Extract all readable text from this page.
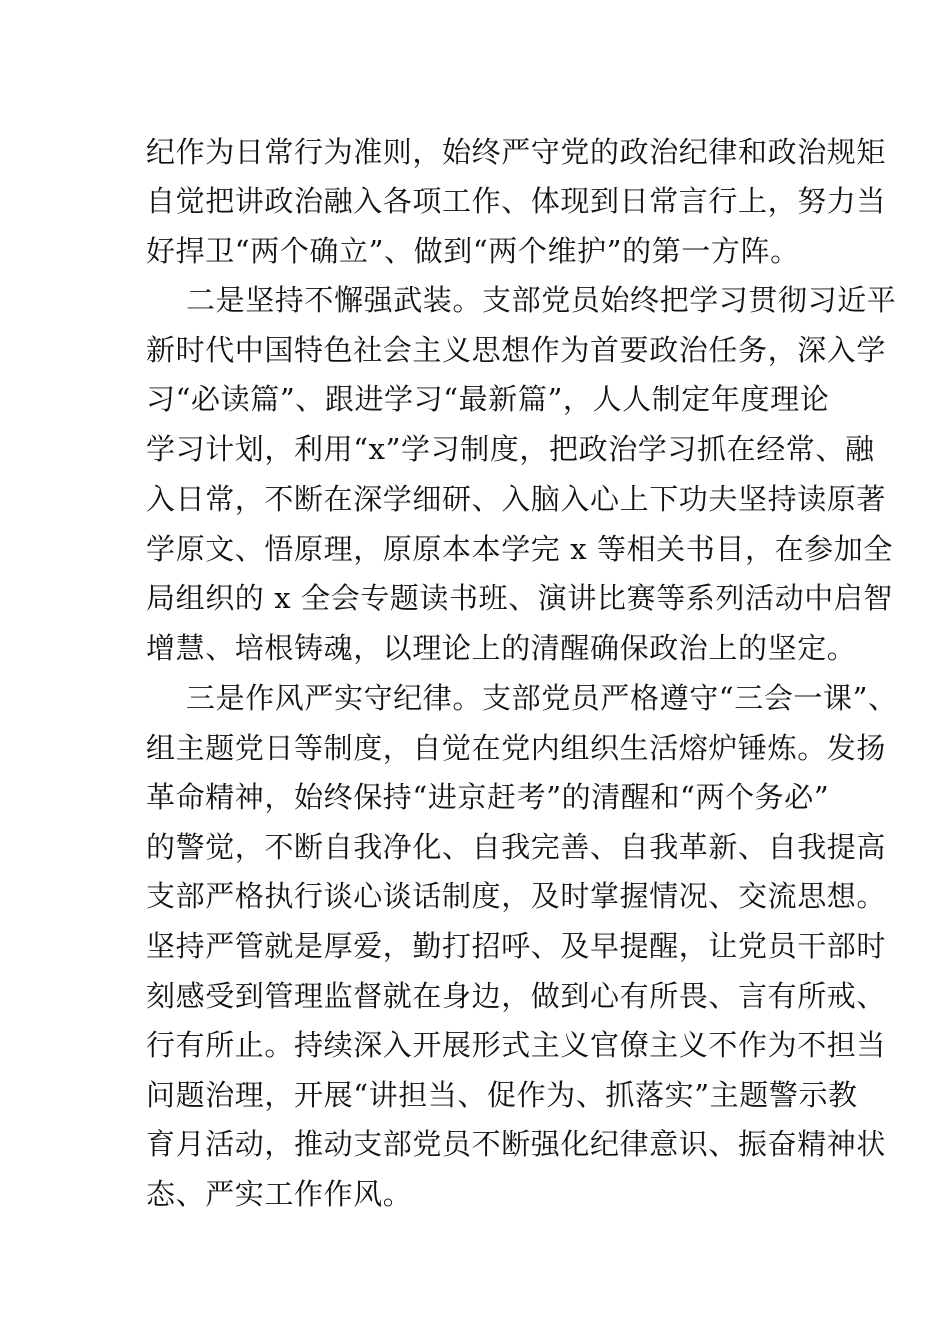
纪作为日常行为准则，始终严守党的政治纪律和政治规矩
自觉把讲政治融入各项工作、体现到日常言行上，努力当
好捍卫“两个确立”、做到“两个维护”的第一方阵。
二是坚持不懈强武装。支部党员始终把学习贯彻习近平
新时代中国特色社会主义思想作为首要政治任务，深入学
习“必读篇”、跟进学习“最新篇”，人人制定年度理论
学习计划，利用“x”学习制度，把政治学习抓在经常、融
入日常，不断在深学细研、入脑入心上下功夫坚持读原著
学原文、悟原理，原原本本学完 x 等相关书目，在参加全
局组织的 x 全会专题读书班、演讲比赛等系列活动中启智
增慧、培根铸魂，以理论上的清醒确保政治上的坚定。
三是作风严实守纪律。支部党员严格遵守“三会一课”、
组主题党日等制度，自觉在党内组织生活熔炉锤炼。发扬
革命精神，始终保持“进京赶考”的清醒和“两个务必”
的警觉，不断自我净化、自我完善、自我革新、自我提高
支部严格执行谈心谈话制度，及时掌握情况、交流思想。
坚持严管就是厚爱，勤打招呼、及早提醒，让党员干部时
刻感受到管理监督就在身边，做到心有所畏、言有所戒、
行有所止。持续深入开展形式主义官僚主义不作为不担当
问题治理，开展“讲担当、促作为、抓落实”主题警示教
育月活动，推动支部党员不断强化纪律意识、振奋精神状
态、严实工作作风。
